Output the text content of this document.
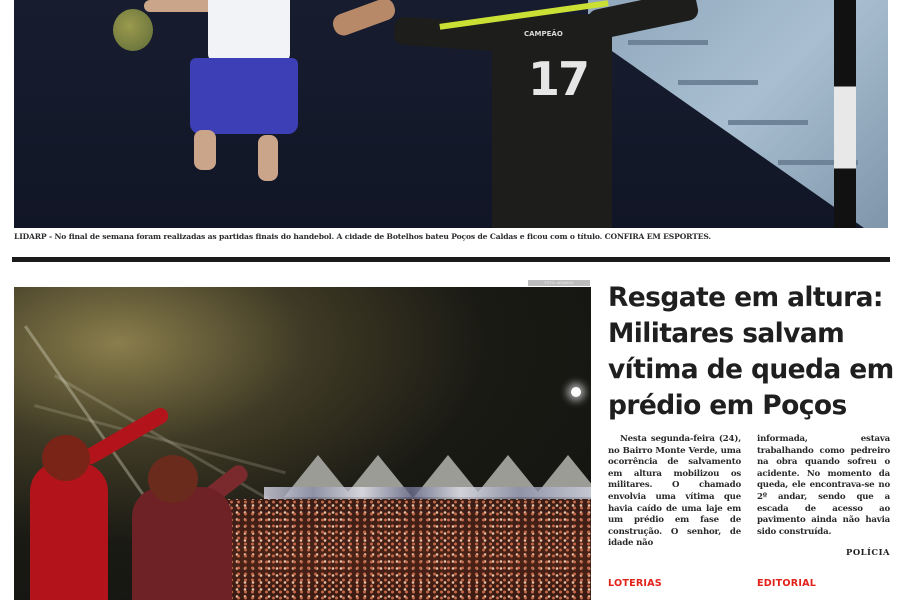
CAMPEÃO
17
LIDARP - No final de semana foram realizadas as partidas finais do handebol. A cidade de Botelhos bateu Poços de Caldas e ficou com o título. CONFIRA EM ESPORTES.
FOTO: ARQUIVO	Resgate em altura: Militares salvam vítima de queda em prédio em Poços

Nesta segunda-feira (24), no Bairro Monte Verde, uma ocorrência de salvamento em altura mobilizou os militares. O chamado envolvia uma vítima que havia caído de uma laje em um prédio em fase de construção. O senhor, de idade não

informada, estava trabalhando como pedreiro na obra quando sofreu o acidente. No momento da queda, ele encontrava-se no 2º andar, sendo que a escada de acesso ao pavimento ainda não havia sido construída.

POLÍCIA
LOTERIAS	EDITORIAL
